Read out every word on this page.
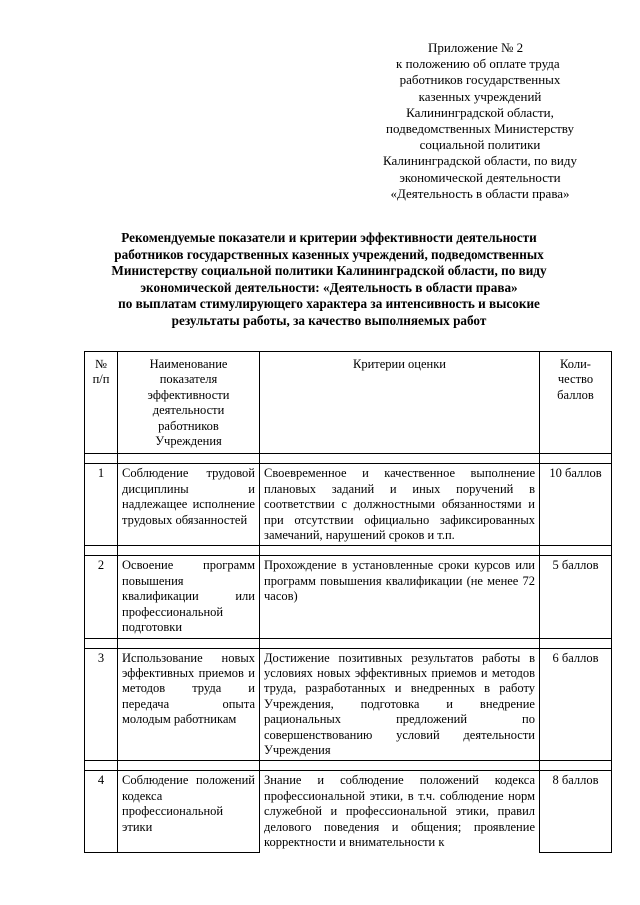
Приложение № 2
к положению об оплате труда
работников государственных
казенных учреждений
Калининградской области,
подведомственных Министерству
социальной политики
Калининградской области, по виду
экономической деятельности
«Деятельность в области права»
Рекомендуемые показатели и критерии эффективности деятельности
работников государственных казенных учреждений, подведомственных
Министерству социальной политики Калининградской области, по виду
экономической деятельности: «Деятельность в области права»
по выплатам стимулирующего характера за интенсивность и высокие
результаты работы, за качество выполняемых работ
№ п/п	Наименование показателя эффективности деятельности работников Учреждения	Критерии оценки	Коли-чество баллов

1	Соблюдение трудовой дисциплины и надлежащее исполнение трудовых обязанностей	Своевременное и качественное выполнение плановых заданий и иных поручений в соответствии с должностными обязанностями и при отсутствии официально зафиксированных замечаний, нарушений сроков и т.п.	10 баллов

2	Освоение программ повышения квалификации или профессиональной подготовки	Прохождение в установленные сроки курсов или программ повышения квалификации (не менее 72 часов)	5 баллов

3	Использование новых эффективных приемов и методов труда и передача опыта молодым работникам	Достижение позитивных результатов работы в условиях новых эффективных приемов и методов труда, разработанных и внедренных в работу Учреждения, подготовка и внедрение рациональных предложений по совершенствованию условий деятельности Учреждения	6 баллов

4	Соблюдение положений кодекса профессиональной этики	Знание и соблюдение положений кодекса профессиональной этики, в т.ч. соблюдение норм служебной и профессиональной этики, правил делового поведения и общения; проявление корректности и внимательности к	8 баллов
